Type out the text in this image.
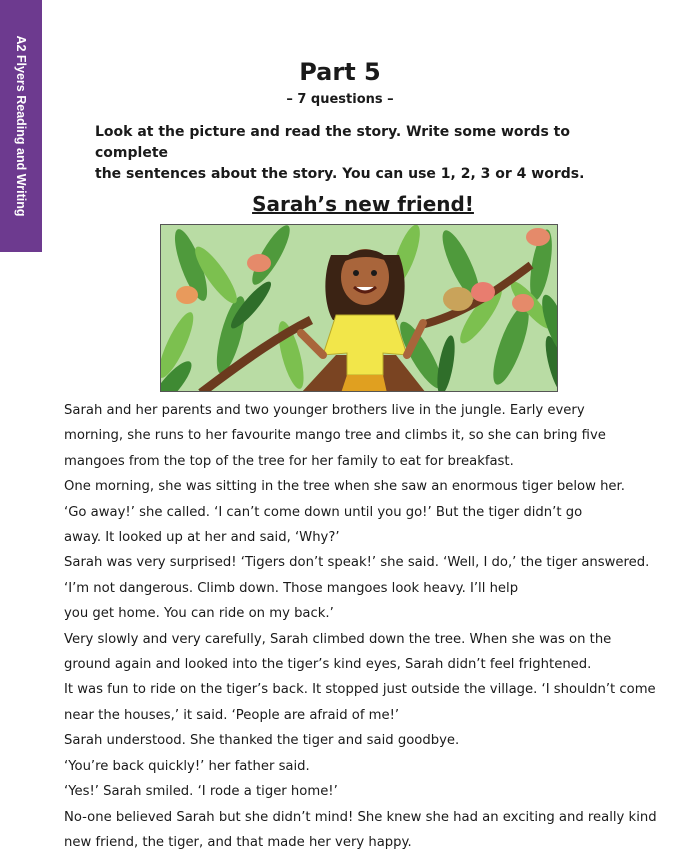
A2 Flyers Reading and Writing	Part 5
– 7 questions –
Look at the picture and read the story. Write some words to complete
the sentences about the story. You can use 1, 2, 3 or 4 words.
Sarah’s new friend!

Sarah and her parents and two younger brothers live in the jungle. Early every

morning, she runs to her favourite mango tree and climbs it, so she can bring five

mangoes from the top of the tree for her family to eat for breakfast.

One morning, she was sitting in the tree when she saw an enormous tiger below her.

‘Go away!’ she called. ‘I can’t come down until you go!’ But the tiger didn’t go

away. It looked up at her and said, ‘Why?’

Sarah was very surprised! ‘Tigers don’t speak!’ she said. ‘Well, I do,’ the tiger answered.

‘I’m not dangerous. Climb down. Those mangoes look heavy. I’ll help

you get home. You can ride on my back.’

Very slowly and very carefully, Sarah climbed down the tree. When she was on the

ground again and looked into the tiger’s kind eyes, Sarah didn’t feel frightened.

It was fun to ride on the tiger’s back. It stopped just outside the village. ‘I shouldn’t come

near the houses,’ it said. ‘People are afraid of me!’

Sarah understood. She thanked the tiger and said goodbye.

‘You’re back quickly!’ her father said.

‘Yes!’ Sarah smiled. ‘I rode a tiger home!’

No-one believed Sarah but she didn’t mind! She knew she had an exciting and really kind

new friend, the tiger, and that made her very happy.
